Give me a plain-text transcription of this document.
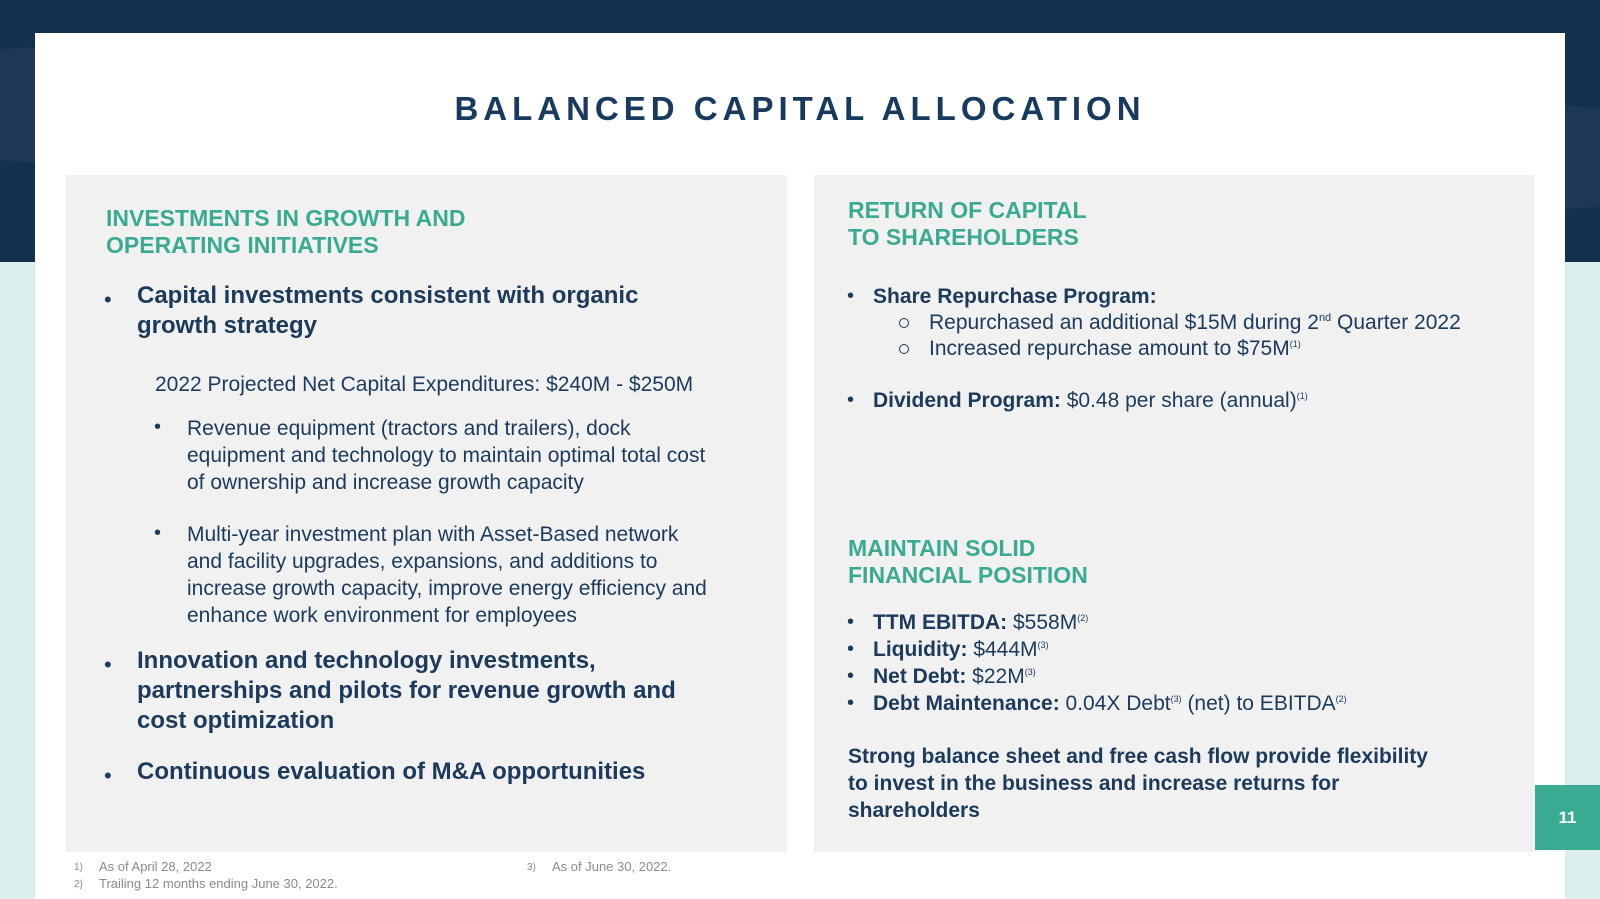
BALANCED CAPITAL ALLOCATION

INVESTMENTS IN GROWTH AND
OPERATING INITIATIVES

• Capital investments consistent with organic
growth strategy

2022 Projected Net Capital Expenditures: $240M - $250M

• Revenue equipment (tractors and trailers), dock
equipment and technology to maintain optimal total cost
of ownership and increase growth capacity

• Multi-year investment plan with Asset-Based network
and facility upgrades, expansions, and additions to
increase growth capacity, improve energy efficiency and
enhance work environment for employees

• Innovation and technology investments,
partnerships and pilots for revenue growth and
cost optimization

• Continuous evaluation of M&A opportunities

RETURN OF CAPITAL
TO SHAREHOLDERS

• Share Repurchase Program:

Repurchased an additional $15M during 2nd Quarter 2022

Increased repurchase amount to $\$75M^{(1)}$

• Dividend Program: $0.48 per share (annual)$^{(1)}$

MAINTAIN SOLID
FINANCIAL POSITION

• TTM EBITDA: $\$558M^{(2)}$

• Liquidity: $\$444M^{(3)}$

• Net Debt: $\$22M^{(3)}$

• Debt Maintenance: 0.04X Debt$^{(3)}$ (net) to EBITDA$^{(2)}$

Strong balance sheet and free cash flow provide flexibility
to invest in the business and increase returns for
shareholders	11

1) As of April 28, 2022

2) Trailing 12 months ending June 30, 2022.

3) As of June 30, 2022.
